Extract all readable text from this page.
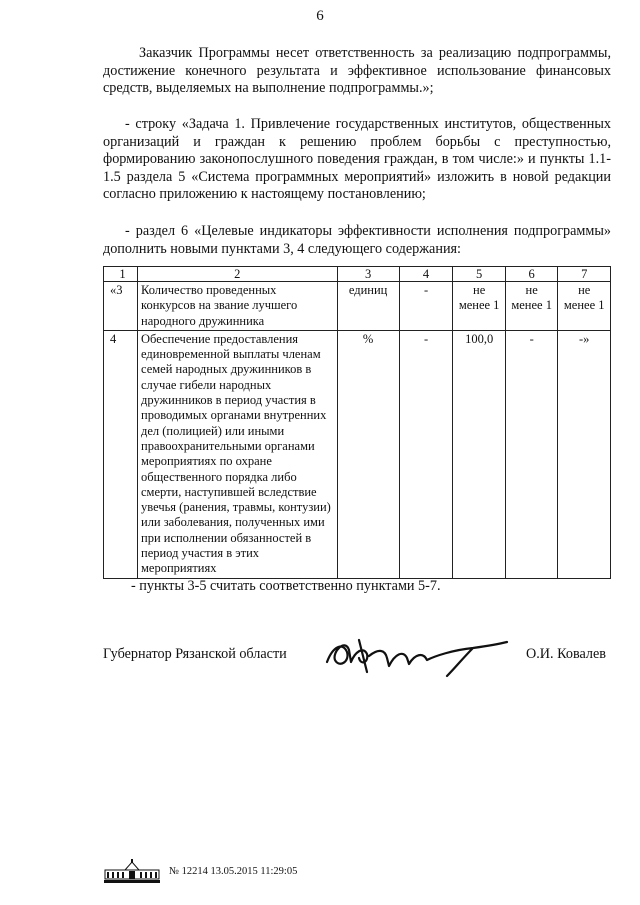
6

Заказчик Программы несет ответственность за реализацию подпрограммы, достижение конечного результата и эффективное использование финансовых средств, выделяемых на выполнение подпрограммы.»;

- строку «Задача 1. Привлечение государственных институтов, общественных организаций и граждан к решению проблем борьбы с преступностью, формированию законопослушного поведения граждан, в том числе:» и пункты 1.1-1.5 раздела 5 «Система программных мероприятий» изложить в новой редакции согласно приложению к настоящему постановлению;

- раздел 6 «Целевые индикаторы эффективности исполнения подпрограммы» дополнить новыми пунктами 3, 4 следующего содержания:

1	2	3	4	5	6	7
«3	Количество проведенных конкурсов на звание лучшего народного дружинника	единиц	-	не менее 1	не менее 1	не менее 1
4	Обеспечение предоставления единовременной выплаты членам семей народных дружинников в случае гибели народных дружинников в период участия в проводимых органами внутренних дел (полицией) или иными правоохранительными органами мероприятиях по охране общественного порядка либо смерти, наступившей вследствие увечья (ранения, травмы, контузии) или заболевания, полученных ими при исполнении обязанностей в период участия в этих мероприятиях	%	-	100,0	-	-»

- пункты 3-5 считать соответственно пунктами 5-7.

Губернатор Рязанской области	О.И. Ковалев
№ 12214 13.05.2015 11:29:05
